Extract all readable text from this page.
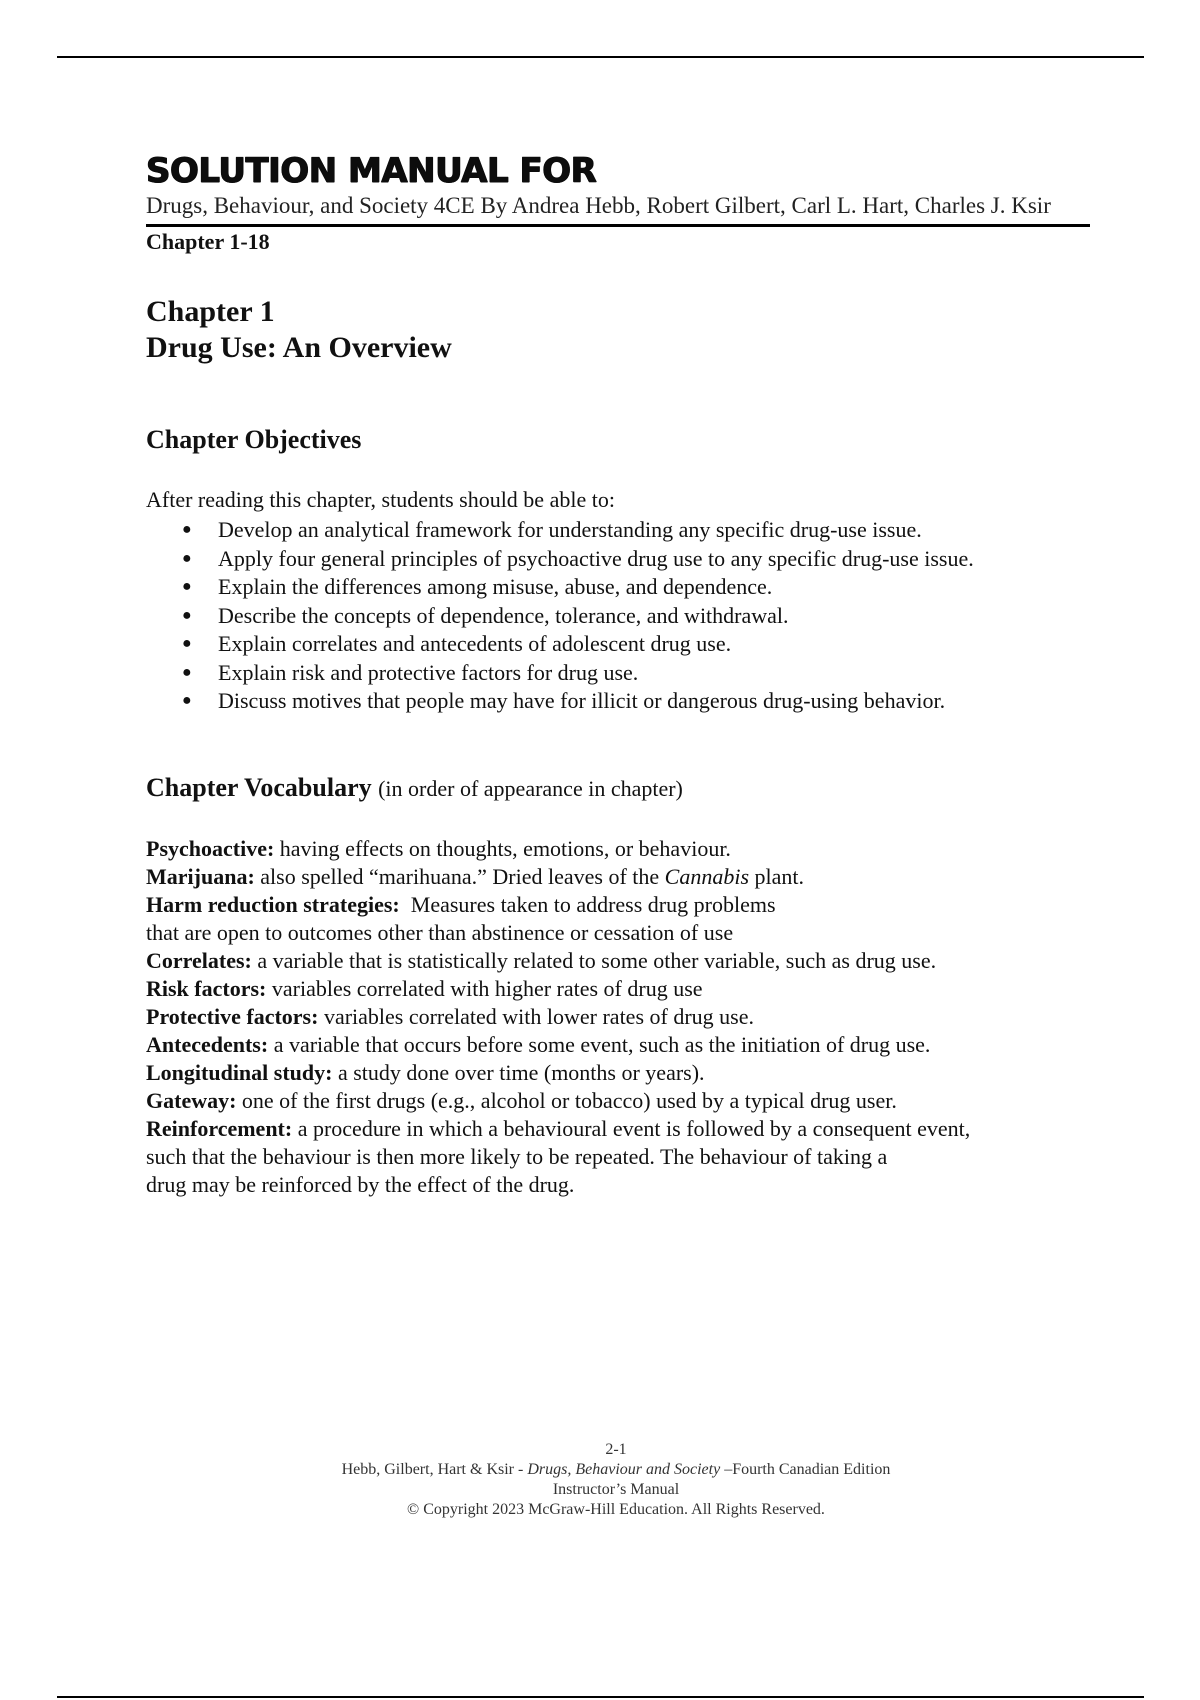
SOLUTION MANUAL FOR

Drugs, Behaviour, and Society 4CE By Andrea Hebb, Robert Gilbert, Carl L. Hart, Charles J. Ksir

Chapter 1-18
Chapter 1
Drug Use: An Overview
Chapter Objectives
After reading this chapter, students should be able to:
● Develop an analytical framework for understanding any specific drug-use issue.
● Apply four general principles of psychoactive drug use to any specific drug-use issue.
● Explain the differences among misuse, abuse, and dependence.
● Describe the concepts of dependence, tolerance, and withdrawal.
● Explain correlates and antecedents of adolescent drug use.
● Explain risk and protective factors for drug use.
● Discuss motives that people may have for illicit or dangerous drug-using behavior.
Chapter Vocabulary (in order of appearance in chapter)
Psychoactive: having effects on thoughts, emotions, or behaviour.
Marijuana: also spelled “marihuana.” Dried leaves of the Cannabis plant.
Harm reduction strategies: Measures taken to address drug problems
that are open to outcomes other than abstinence or cessation of use
Correlates: a variable that is statistically related to some other variable, such as drug use.
Risk factors: variables correlated with higher rates of drug use
Protective factors: variables correlated with lower rates of drug use.
Antecedents: a variable that occurs before some event, such as the initiation of drug use.
Longitudinal study: a study done over time (months or years).
Gateway: one of the first drugs (e.g., alcohol or tobacco) used by a typical drug user.
Reinforcement: a procedure in which a behavioural event is followed by a consequent event,
such that the behaviour is then more likely to be repeated. The behaviour of taking a
drug may be reinforced by the effect of the drug.
2-1
Hebb, Gilbert, Hart & Ksir - Drugs, Behaviour and Society –Fourth Canadian Edition
Instructor’s Manual
© Copyright 2023 McGraw-Hill Education. All Rights Reserved.
